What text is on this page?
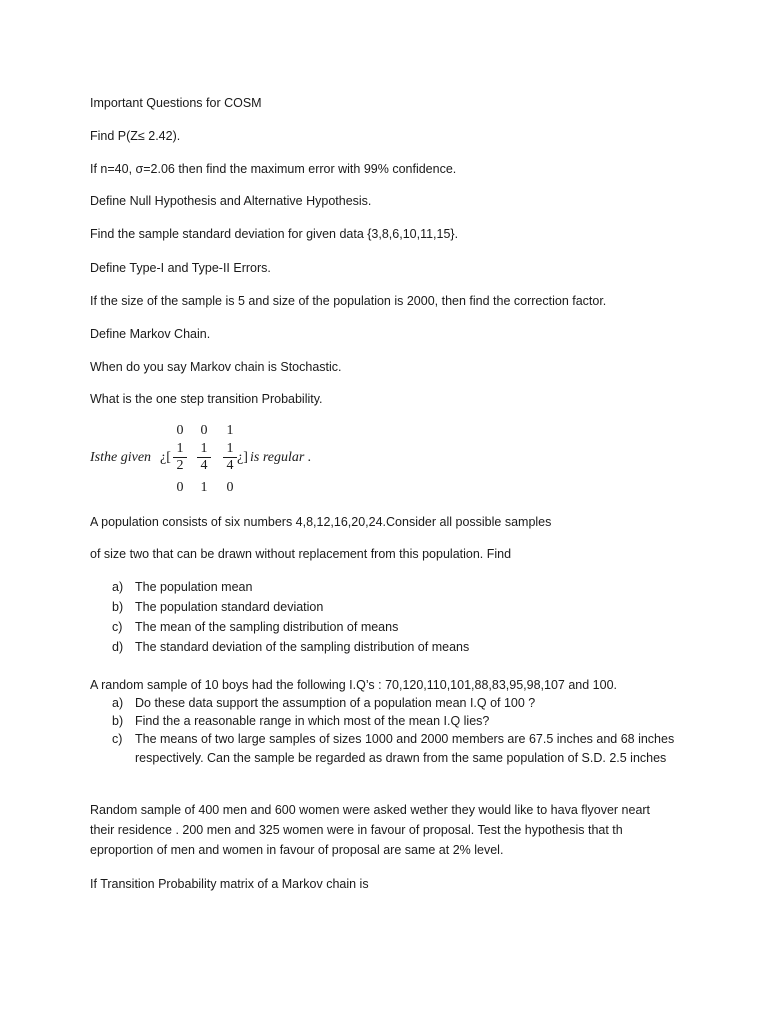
Important Questions for COSM

Find P(Z≤ 2.42).

If n=40, σ=2.06 then find the maximum error with 99% confidence.

Define Null Hypothesis and Alternative Hypothesis.

Find the sample standard deviation for given data {3,8,6,10,11,15}.

Define Type-I and Type-II Errors.

If the size of the sample is 5 and size of the population is 2000, then find the correction factor.

Define Markov Chain.

When do you say Markov chain is Stochastic.

What is the one step transition Probability.

0 0 1
Isthe given ¿[
1
2
1
4
1
4
¿] is regular .
0 1 0

A population consists of six numbers 4,8,12,16,20,24.Consider all possible samples

of size two that can be drawn without replacement from this population. Find

a) The population mean
b) The population standard deviation
c)	The mean of the sampling distribution of means
d) The standard deviation of the sampling distribution of means

A random sample of 10 boys had the following I.Q’s : 70,120,110,101,88,83,95,98,107 and 100.

a) Do these data support the assumption of a population mean I.Q of 100 ?
b) Find the a reasonable range in which most of the mean I.Q lies?
c)	The means of two large samples of sizes 1000 and 2000 members are 67.5 inches and 68 inches respectively. Can the sample be regarded as drawn from the same population of S.D. 2.5 inches

Random sample of 400 men and 600 women were asked wether they would like to hava flyover neart

their residence . 200 men and 325 women were in favour of proposal. Test the hypothesis that th

eproportion of men and women in favour of proposal are same at 2% level.

If Transition Probability matrix of a Markov chain is
